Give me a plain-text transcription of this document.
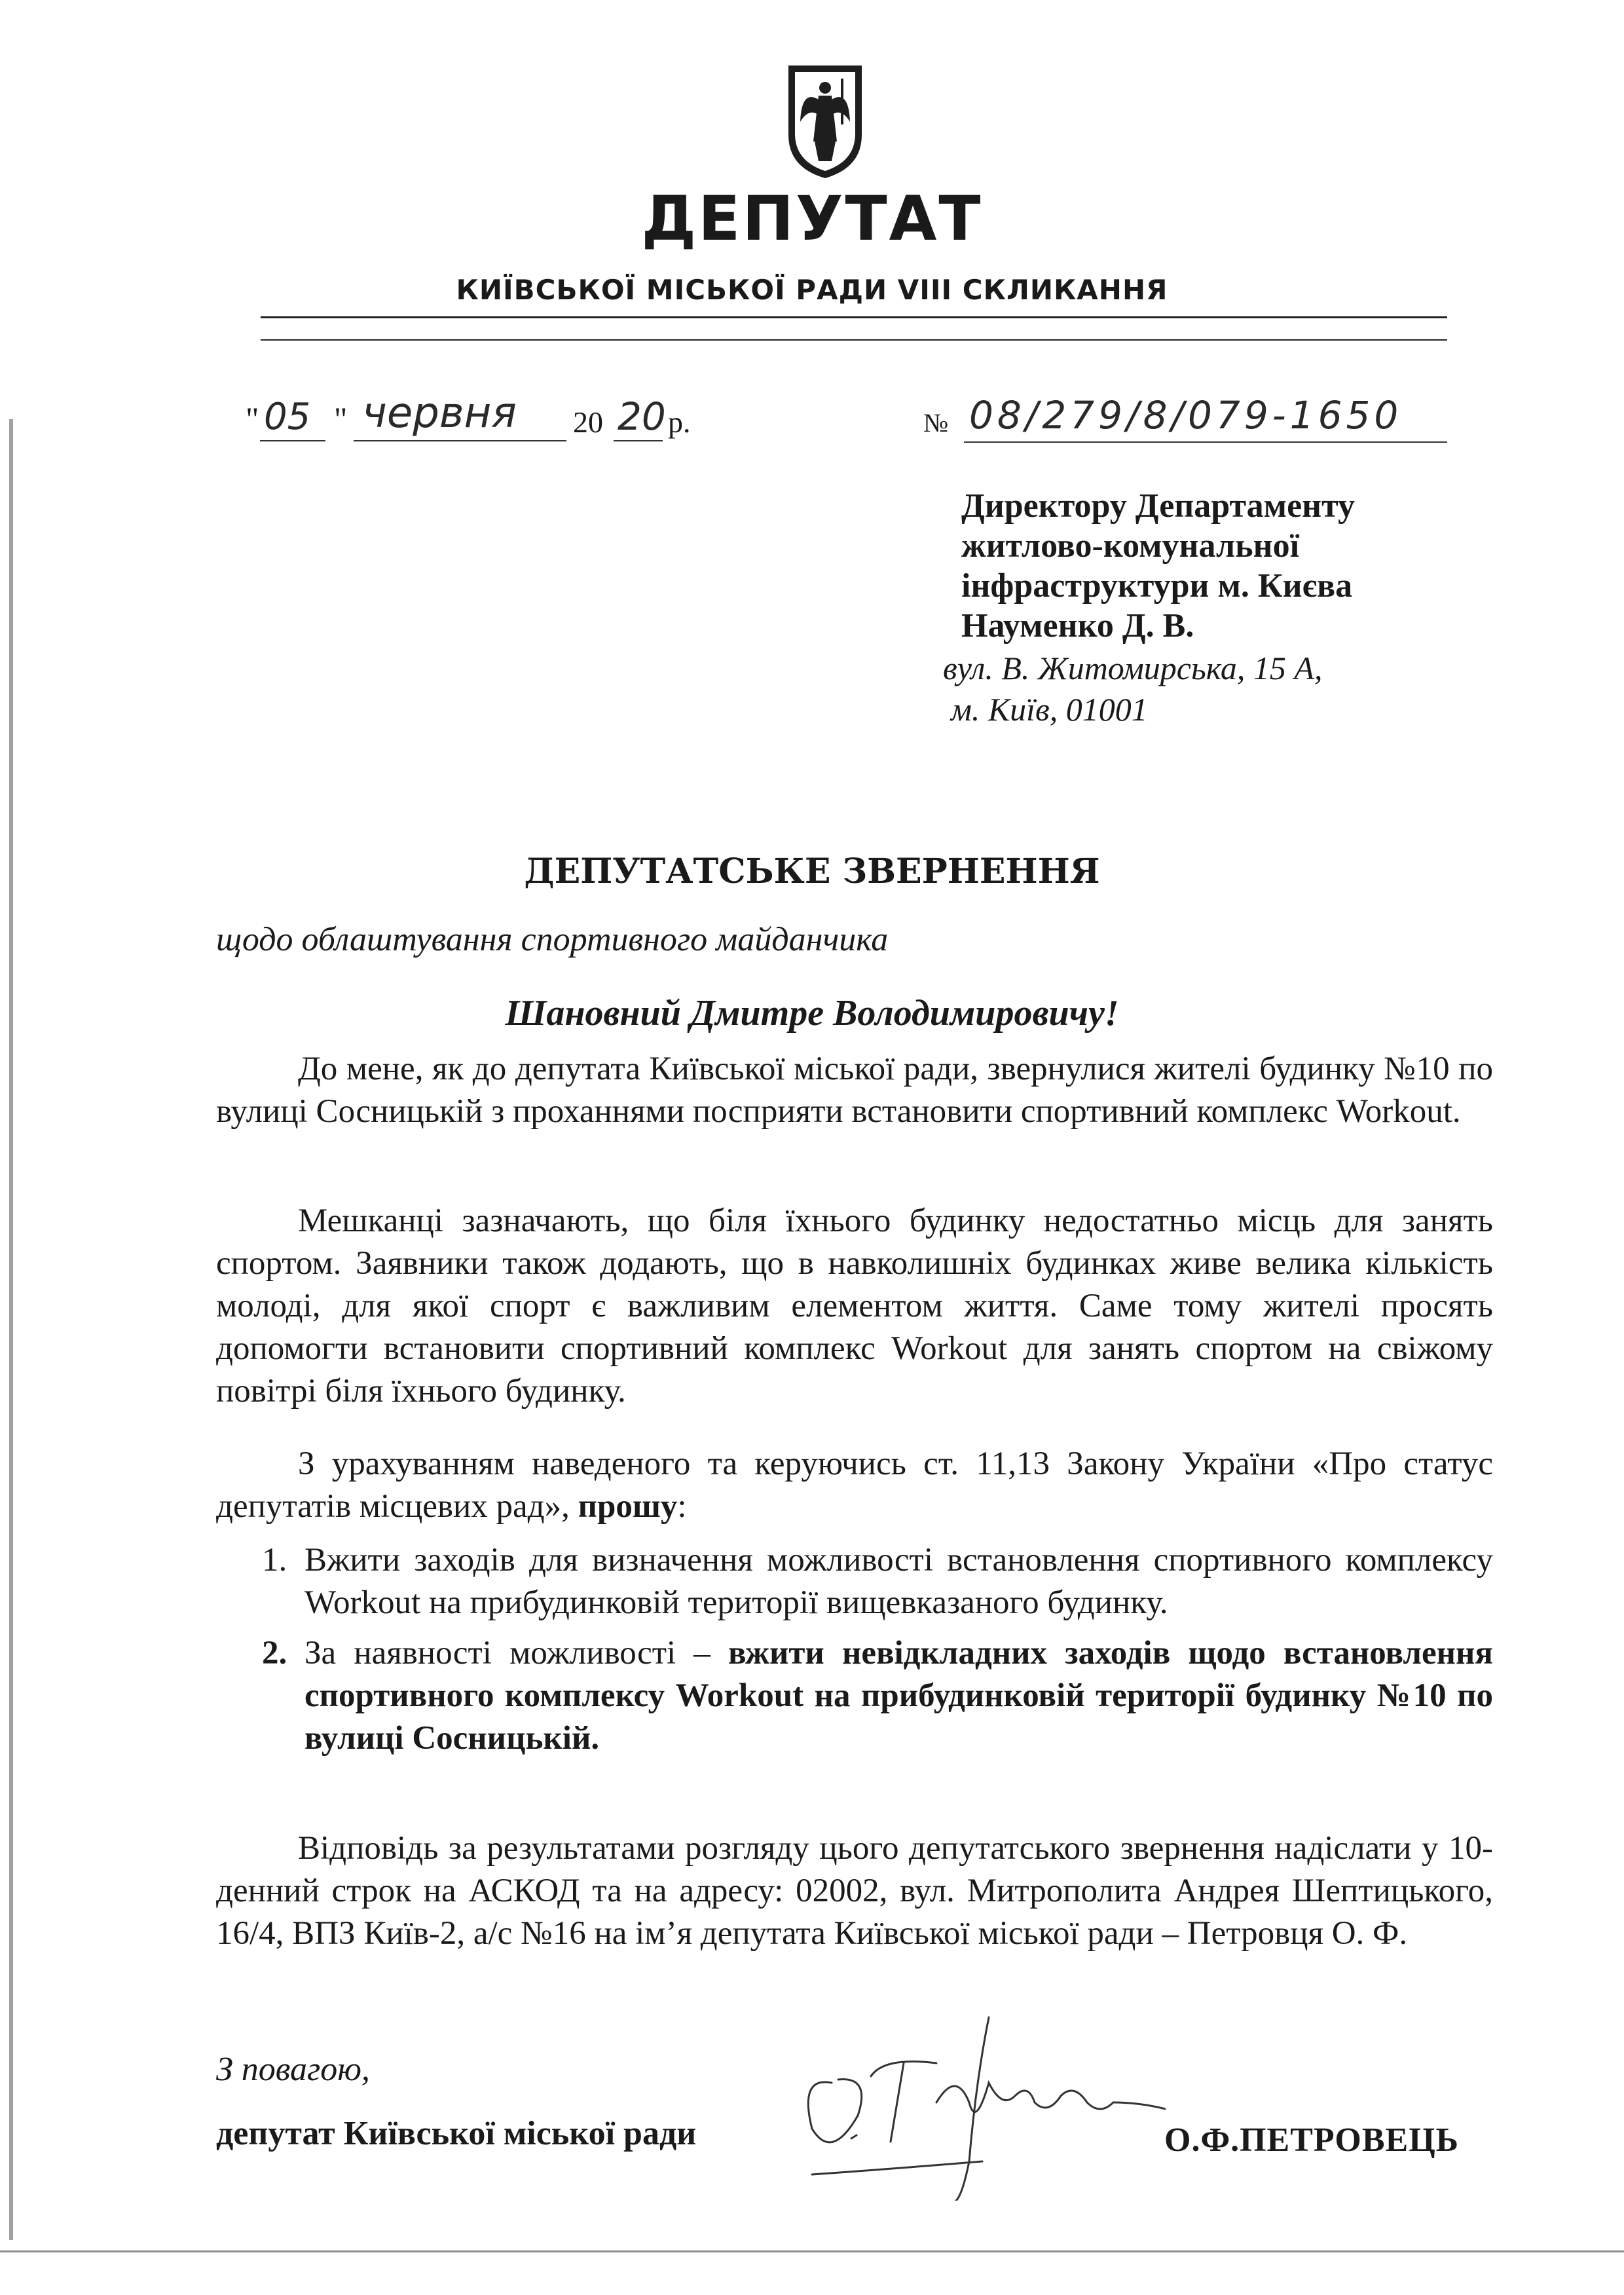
ДЕПУТАТ
КИЇВСЬКОЇ МІСЬКОЇ РАДИ VIII СКЛИКАННЯ
" 05 " червня 20 20 р.	№ 08/279/8/079-1650
Директору Департаменту
житлово-комунальної
інфраструктури м. Києва
Науменко Д. В.
вул. В. Житомирська, 15 А,
м. Київ, 01001
ДЕПУТАТСЬКЕ ЗВЕРНЕННЯ
щодо облаштування спортивного майданчика
Шановний Дмитре Володимировичу!

До мене, як до депутата Київської міської ради, звернулися жителі будинку №10 по вулиці Сосницькій з проханнями посприяти встановити спортивний комплекс Workout.

Мешканці зазначають, що біля їхнього будинку недостатньо місць для занять спортом. Заявники також додають, що в навколишніх будинках живе велика кількість молоді, для якої спорт є важливим елементом життя. Саме тому жителі просять допомогти встановити спортивний комплекс Workout для занять спортом на свіжому повітрі біля їхнього будинку.

З урахуванням наведеного та керуючись ст. 11,13 Закону України «Про статус депутатів місцевих рад», прошу:

1. Вжити заходів для визначення можливості встановлення спортивного комплексу Workout на прибудинковій території вищевказаного будинку.
2. За наявності можливості – вжити невідкладних заходів щодо встановлення спортивного комплексу Workout на прибудинковій території будинку №10 по вулиці Сосницькій.

Відповідь за результатами розгляду цього депутатського звернення надіслати у 10-денний строк на АСКОД та на адресу: 02002, вул. Митрополита Андрея Шептицького, 16/4, ВПЗ Київ-2, а/с №16 на ім’я депутата Київської міської ради – Петровця О. Ф.

З повагою,
депутат Київської міської ради	О.Ф.ПЕТРОВЕЦЬ
